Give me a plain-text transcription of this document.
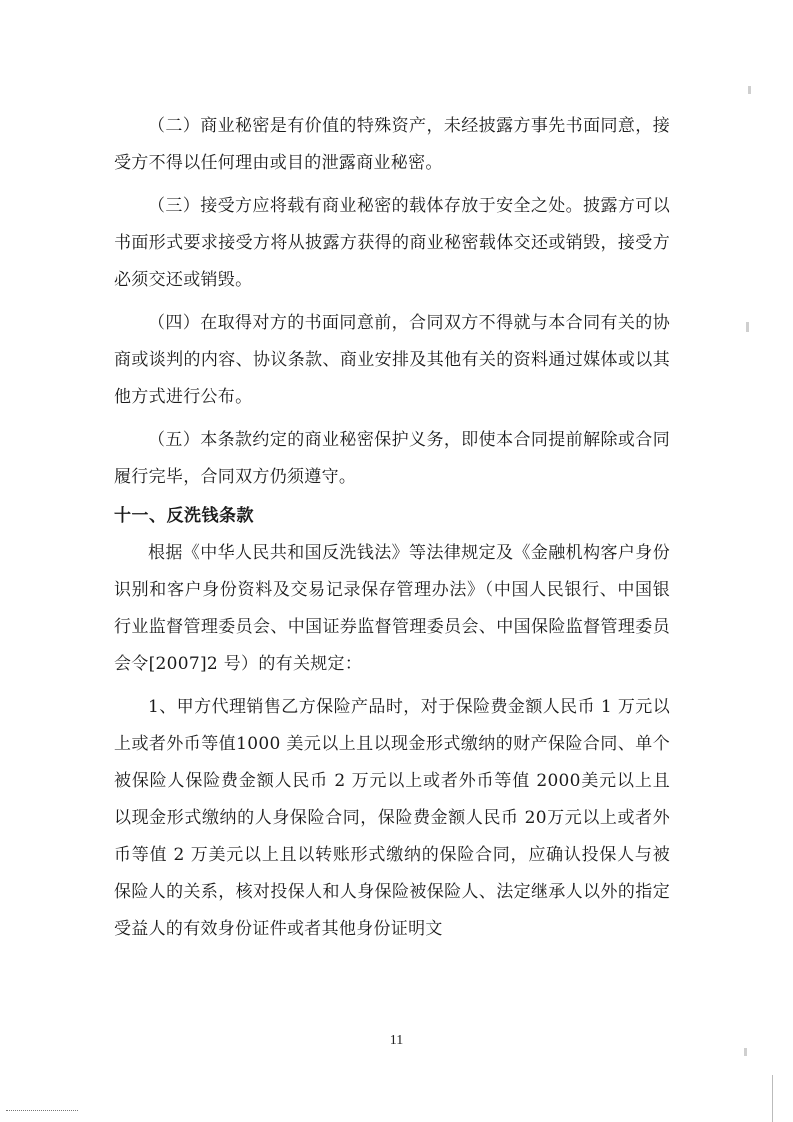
（二）商业秘密是有价值的特殊资产，未经披露方事先书面同意，接受方不得以任何理由或目的泄露商业秘密。

（三）接受方应将载有商业秘密的载体存放于安全之处。披露方可以书面形式要求接受方将从披露方获得的商业秘密载体交还或销毁，接受方必须交还或销毁。

（四）在取得对方的书面同意前，合同双方不得就与本合同有关的协商或谈判的内容、协议条款、商业安排及其他有关的资料通过媒体或以其他方式进行公布。

（五）本条款约定的商业秘密保护义务，即使本合同提前解除或合同履行完毕，合同双方仍须遵守。

十一、反洗钱条款

根据《中华人民共和国反洗钱法》等法律规定及《金融机构客户身份识别和客户身份资料及交易记录保存管理办法》（中国人民银行、中国银行业监督管理委员会、中国证券监督管理委员会、中国保险监督管理委员会令[2007]2 号）的有关规定：

1、甲方代理销售乙方保险产品时，对于保险费金额人民币 1 万元以上或者外币等值1000 美元以上且以现金形式缴纳的财产保险合同、单个被保险人保险费金额人民币 2 万元以上或者外币等值 2000美元以上且以现金形式缴纳的人身保险合同，保险费金额人民币 20万元以上或者外币等值 2 万美元以上且以转账形式缴纳的保险合同，应确认投保人与被保险人的关系，核对投保人和人身保险被保险人、法定继承人以外的指定受益人的有效身份证件或者其他身份证明文

11
